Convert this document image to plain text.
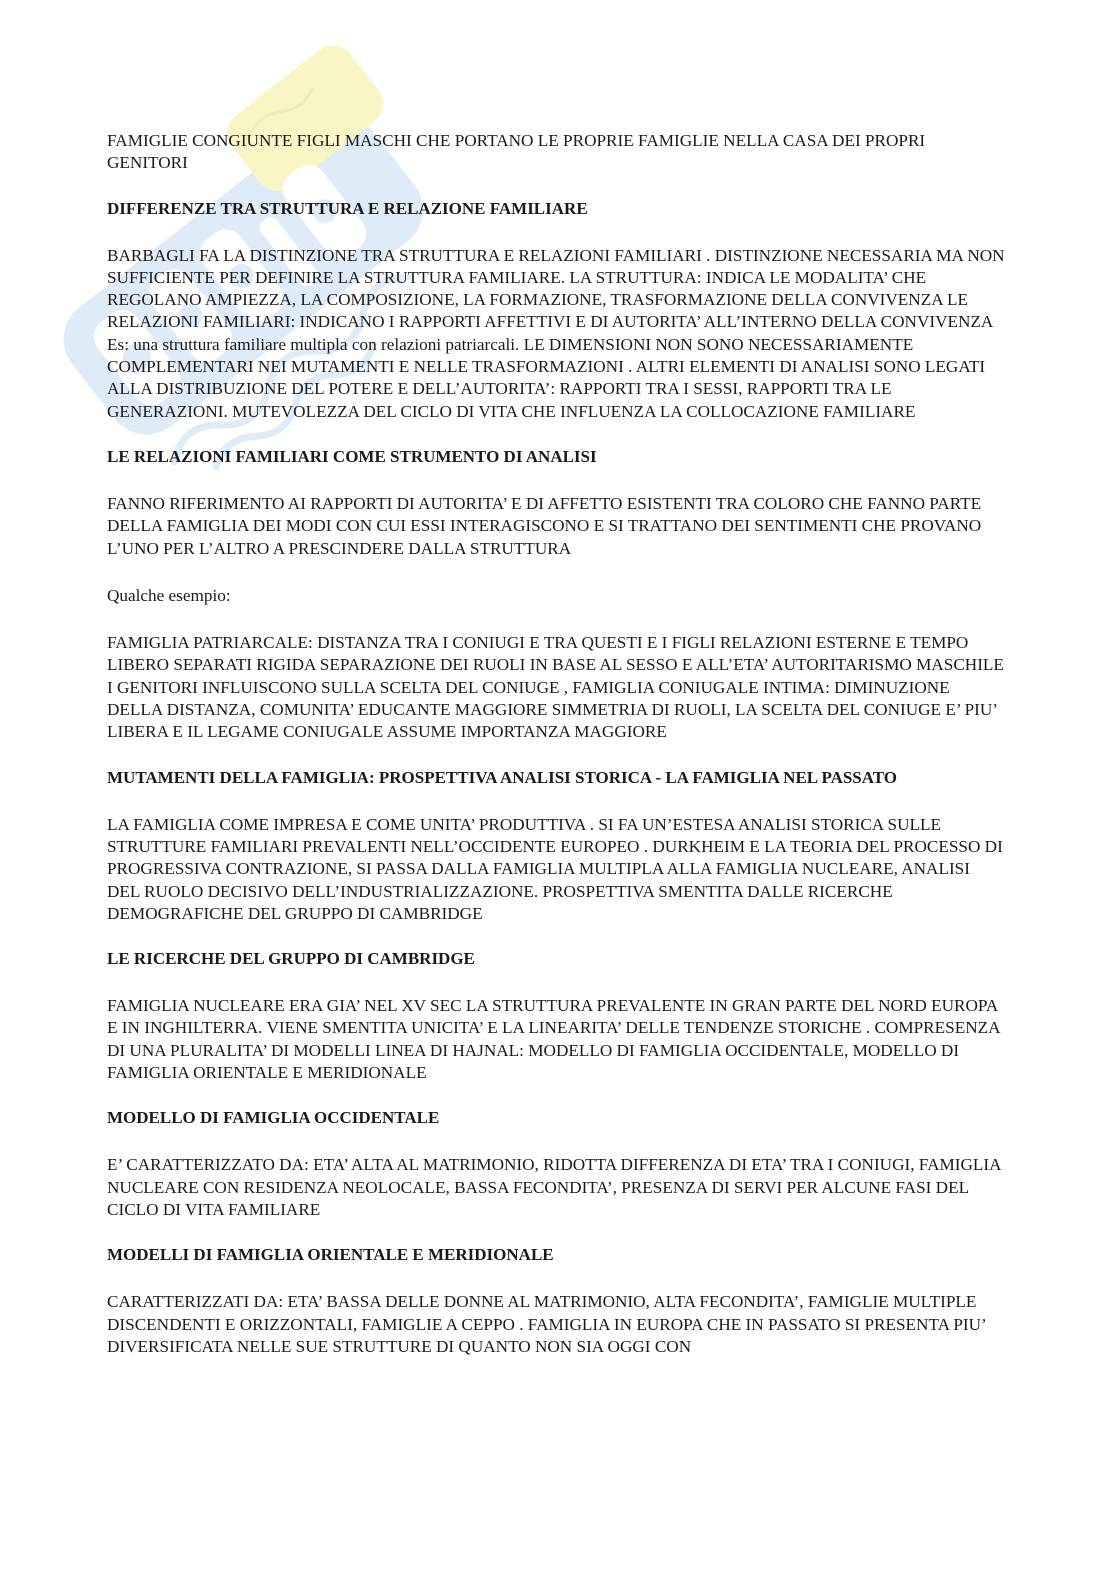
FAMIGLIE CONGIUNTE FIGLI MASCHI CHE PORTANO LE PROPRIE FAMIGLIE NELLA CASA DEI PROPRI GENITORI

DIFFERENZE TRA STRUTTURA E RELAZIONE FAMILIARE

BARBAGLI FA LA DISTINZIONE TRA STRUTTURA E RELAZIONI FAMILIARI . DISTINZIONE NECESSARIA MA NON SUFFICIENTE PER DEFINIRE LA STRUTTURA FAMILIARE. LA STRUTTURA: INDICA LE MODALITA’ CHE REGOLANO AMPIEZZA, LA COMPOSIZIONE, LA FORMAZIONE, TRASFORMAZIONE DELLA CONVIVENZA LE RELAZIONI FAMILIARI: INDICANO I RAPPORTI AFFETTIVI E DI AUTORITA’ ALL’INTERNO DELLA CONVIVENZA Es: una struttura familiare multipla con relazioni patriarcali. LE DIMENSIONI NON SONO NECESSARIAMENTE COMPLEMENTARI NEI MUTAMENTI E NELLE TRASFORMAZIONI . ALTRI ELEMENTI DI ANALISI SONO LEGATI ALLA DISTRIBUZIONE DEL POTERE E DELL’AUTORITA’: RAPPORTI TRA I SESSI, RAPPORTI TRA LE GENERAZIONI. MUTEVOLEZZA DEL CICLO DI VITA CHE INFLUENZA LA COLLOCAZIONE FAMILIARE

LE RELAZIONI FAMILIARI COME STRUMENTO DI ANALISI

FANNO RIFERIMENTO AI RAPPORTI DI AUTORITA’ E DI AFFETTO ESISTENTI TRA COLORO CHE FANNO PARTE DELLA FAMIGLIA DEI MODI CON CUI ESSI INTERAGISCONO E SI TRATTANO DEI SENTIMENTI CHE PROVANO L’UNO PER L’ALTRO A PRESCINDERE DALLA STRUTTURA

Qualche esempio:

FAMIGLIA PATRIARCALE: DISTANZA TRA I CONIUGI E TRA QUESTI E I FIGLI RELAZIONI ESTERNE E TEMPO LIBERO SEPARATI RIGIDA SEPARAZIONE DEI RUOLI IN BASE AL SESSO E ALL’ETA’ AUTORITARISMO MASCHILE I GENITORI INFLUISCONO SULLA SCELTA DEL CONIUGE , FAMIGLIA CONIUGALE INTIMA: DIMINUZIONE DELLA DISTANZA, COMUNITA’ EDUCANTE MAGGIORE SIMMETRIA DI RUOLI, LA SCELTA DEL CONIUGE E’ PIU’ LIBERA E IL LEGAME CONIUGALE ASSUME IMPORTANZA MAGGIORE

MUTAMENTI DELLA FAMIGLIA: PROSPETTIVA ANALISI STORICA - LA FAMIGLIA NEL PASSATO

LA FAMIGLIA COME IMPRESA E COME UNITA’ PRODUTTIVA . SI FA UN’ESTESA ANALISI STORICA SULLE STRUTTURE FAMILIARI PREVALENTI NELL’OCCIDENTE EUROPEO . DURKHEIM E LA TEORIA DEL PROCESSO DI PROGRESSIVA CONTRAZIONE, SI PASSA DALLA FAMIGLIA MULTIPLA ALLA FAMIGLIA NUCLEARE, ANALISI DEL RUOLO DECISIVO DELL’INDUSTRIALIZZAZIONE. PROSPETTIVA SMENTITA DALLE RICERCHE DEMOGRAFICHE DEL GRUPPO DI CAMBRIDGE

LE RICERCHE DEL GRUPPO DI CAMBRIDGE

FAMIGLIA NUCLEARE ERA GIA’ NEL XV SEC LA STRUTTURA PREVALENTE IN GRAN PARTE DEL NORD EUROPA E IN INGHILTERRA. VIENE SMENTITA UNICITA’ E LA LINEARITA’ DELLE TENDENZE STORICHE . COMPRESENZA DI UNA PLURALITA’ DI MODELLI LINEA DI HAJNAL: MODELLO DI FAMIGLIA OCCIDENTALE, MODELLO DI FAMIGLIA ORIENTALE E MERIDIONALE

MODELLO DI FAMIGLIA OCCIDENTALE

E’ CARATTERIZZATO DA: ETA’ ALTA AL MATRIMONIO, RIDOTTA DIFFERENZA DI ETA’ TRA I CONIUGI, FAMIGLIA NUCLEARE CON RESIDENZA NEOLOCALE, BASSA FECONDITA’, PRESENZA DI SERVI PER ALCUNE FASI DEL CICLO DI VITA FAMILIARE

MODELLI DI FAMIGLIA ORIENTALE E MERIDIONALE

CARATTERIZZATI DA: ETA’ BASSA DELLE DONNE AL MATRIMONIO, ALTA FECONDITA’, FAMIGLIE MULTIPLE DISCENDENTI E ORIZZONTALI, FAMIGLIE A CEPPO . FAMIGLIA IN EUROPA CHE IN PASSATO SI PRESENTA PIU’ DIVERSIFICATA NELLE SUE STRUTTURE DI QUANTO NON SIA OGGI CON
